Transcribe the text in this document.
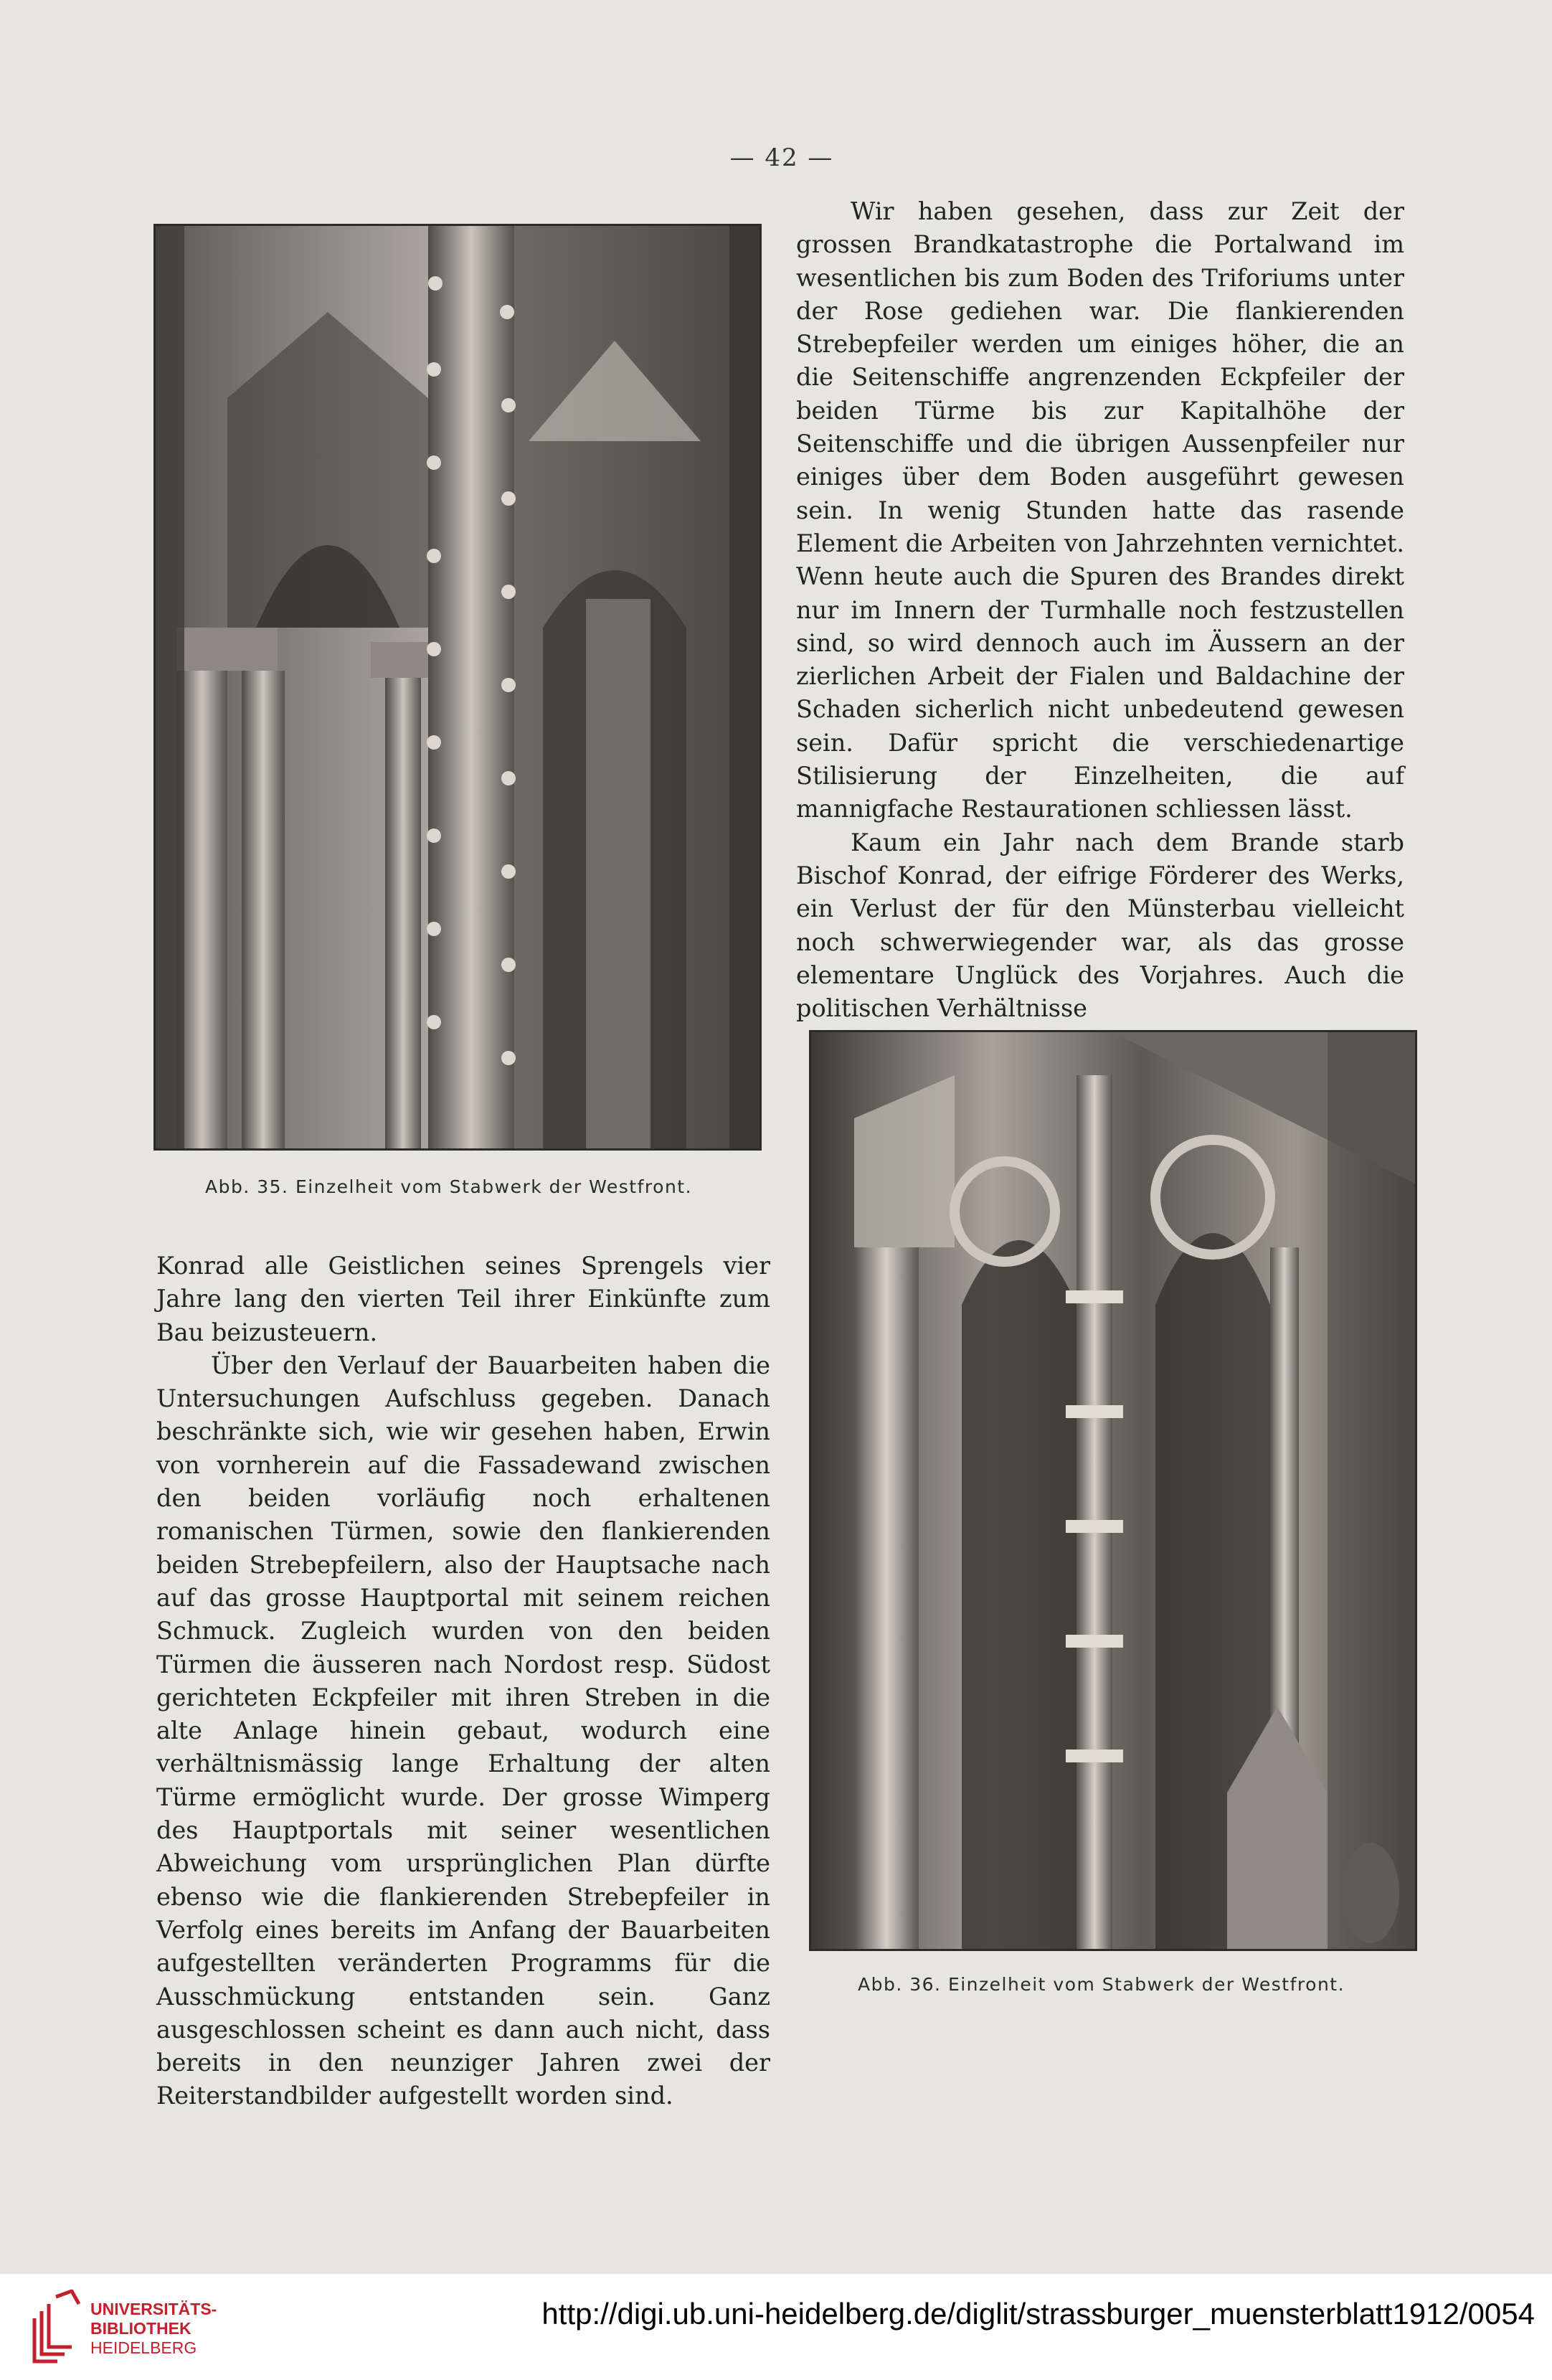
— 42 —
Abb. 35. Einzelheit vom Stabwerk der Westfront.

Wir haben gesehen, dass zur Zeit der grossen Brandkatastrophe die Portalwand im wesentlichen bis zum Boden des Triforiums unter der Rose gediehen war. Die flankierenden Strebepfeiler werden um einiges höher, die an die Seitenschiffe angrenzenden Eckpfeiler der beiden Türme bis zur Kapitalhöhe der Seitenschiffe und die übrigen Aussenpfeiler nur einiges über dem Boden ausgeführt gewesen sein. In wenig Stunden hatte das rasende Element die Arbeiten von Jahrzehnten vernichtet. Wenn heute auch die Spuren des Brandes direkt nur im Innern der Turmhalle noch festzustellen sind, so wird dennoch auch im Äussern an der zierlichen Arbeit der Fialen und Baldachine der Schaden sicherlich nicht unbedeutend gewesen sein. Dafür spricht die verschiedenartige Stilisierung der Einzelheiten, die auf mannigfache Restaurationen schliessen lässt.

Kaum ein Jahr nach dem Brande starb Bischof Konrad, der eifrige Förderer des Werks, ein Verlust der für den Münsterbau vielleicht noch schwerwiegender war, als das grosse elementare Unglück des Vorjahres. Auch die politischen Verhältnisse

Abb. 36. Einzelheit vom Stabwerk der Westfront.

Konrad alle Geistlichen seines Sprengels vier Jahre lang den vierten Teil ihrer Einkünfte zum Bau beizusteuern.

Über den Verlauf der Bauarbeiten haben die Untersuchungen Aufschluss gegeben. Danach beschränkte sich, wie wir gesehen haben, Erwin von vornherein auf die Fassadewand zwischen den beiden vorläufig noch erhaltenen romanischen Türmen, sowie den flankierenden beiden Strebepfeilern, also der Hauptsache nach auf das grosse Hauptportal mit seinem reichen Schmuck. Zugleich wurden von den beiden Türmen die äusseren nach Nordost resp. Südost gerichteten Eckpfeiler mit ihren Streben in die alte Anlage hinein gebaut, wodurch eine verhältnismässig lange Erhaltung der alten Türme ermöglicht wurde. Der grosse Wimperg des Hauptportals mit seiner wesentlichen Abweichung vom ursprünglichen Plan dürfte ebenso wie die flankierenden Strebepfeiler in Verfolg eines bereits im Anfang der Bauarbeiten aufgestellten veränderten Programms für die Ausschmückung entstanden sein. Ganz ausgeschlossen scheint es dann auch nicht, dass bereits in den neunziger Jahren zwei der Reiterstandbilder aufgestellt worden sind.

UNIVERSITÄTS-
BIBLIOTHEK
HEIDELBERG
http://digi.ub.uni-heidelberg.de/diglit/strassburger_muensterblatt1912/0054
